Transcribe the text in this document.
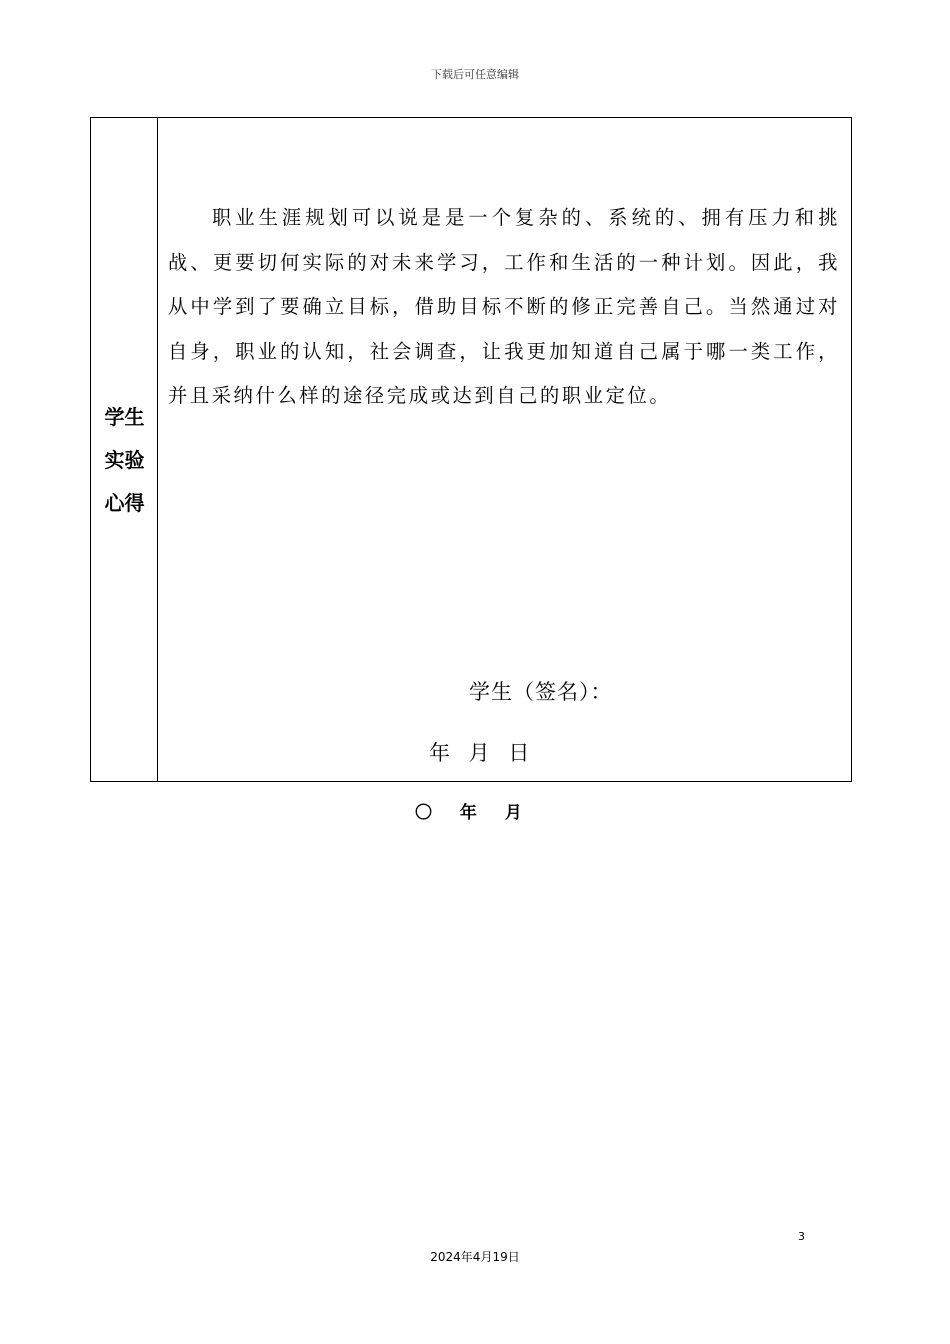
下载后可任意编辑
学生
实验
心得

职业生涯规划可以说是是一个复杂的、系统的、拥有压力和挑战、更要切何实际的对未来学习，工作和生活的一种计划。因此，我从中学到了要确立目标，借助目标不断的修正完善自己。当然通过对自身，职业的认知，社会调查，让我更加知道自己属于哪一类工作，并且采纳什么样的途径完成或达到自己的职业定位。

学生（签名）：
年 月 日
〇 年 月
3
2024年4月19日
